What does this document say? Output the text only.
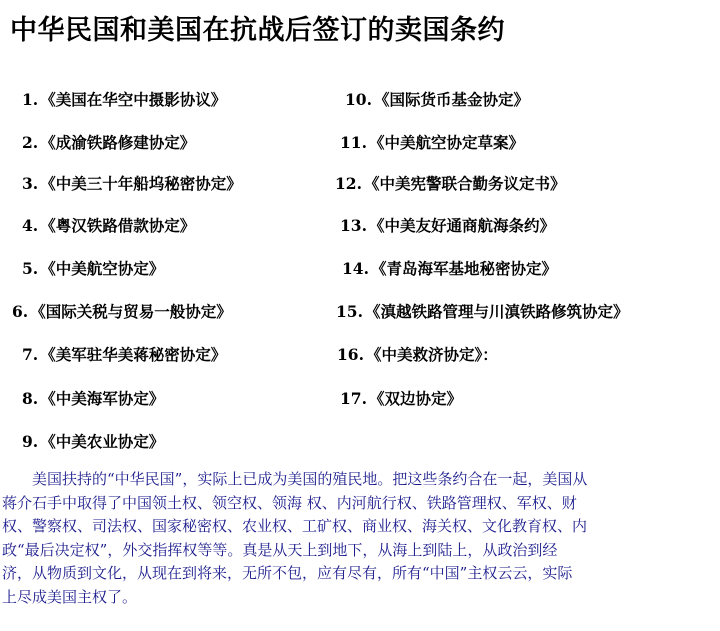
中华民国和美国在抗战后签订的卖国条约
1. 《美国在华空中摄影协议》
2. 《成渝铁路修建协定》
3. 《中美三十年船坞秘密协定》
4. 《粤汉铁路借款协定》
5. 《中美航空协定》
6. 《国际关税与贸易一般协定》
7. 《美军驻华美蒋秘密协定》
8. 《中美海军协定》
9. 《中美农业协定》
10. 《国际货币基金协定》
11. 《中美航空协定草案》
12. 《中美宪警联合勤务议定书》
13. 《中美友好通商航海条约》
14. 《青岛海军基地秘密协定》
15. 《滇越铁路管理与川滇铁路修筑协定》
16. 《中美救济协定》：
17. 《双边协定》
　　美国扶持的“中华民国”，实际上已成为美国的殖民地。把这些条约合在一起，美国从
蒋介石手中取得了中国领土权、领空权、领海 权、内河航行权、铁路管理权、军权、财
权、警察权、司法权、国家秘密权、农业权、工矿权、商业权、海关权、文化教育权、内
政“最后决定权”，外交指挥权等等。真是从天上到地下，从海上到陆上，从政治到经
济，从物质到文化，从现在到将来，无所不包，应有尽有，所有“中国”主权云云，实际
上尽成美国主权了。
